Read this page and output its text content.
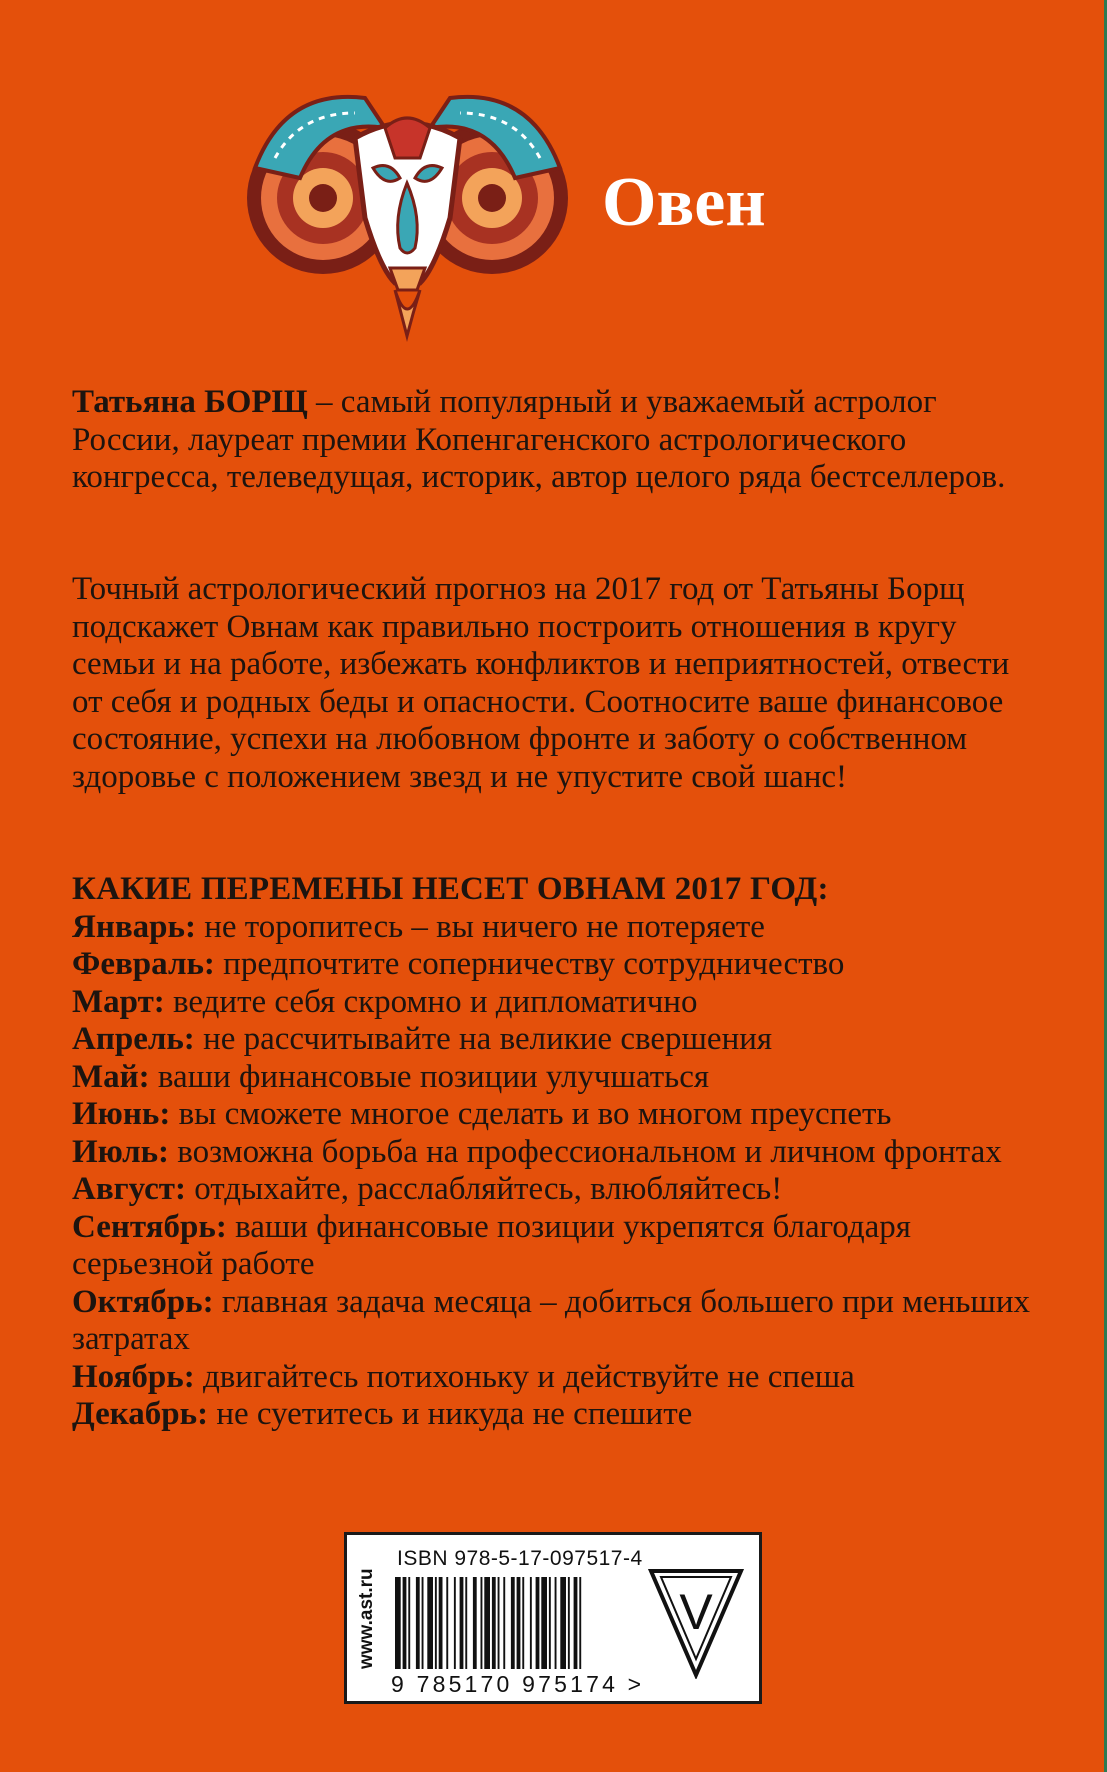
Овен

Татьяна БОРЩ – самый популярный и уважаемый астролог России, лауреат премии Копенгагенского астрологического конгресса, телеведущая, историк, автор целого ряда бестселлеров.

Точный астрологический прогноз на 2017 год от Татьяны Борщ подскажет Овнам как правильно построить отношения в кругу семьи и на работе, избежать конфликтов и неприятностей, отвести от себя и родных беды и опасности. Соотносите ваше финансовое состояние, успехи на любовном фронте и заботу о собственном здоровье с положением звезд и не упустите свой шанс!

КАКИЕ ПЕРЕМЕНЫ НЕСЕТ ОВНАМ 2017 ГОД:

Январь: не торопитесь – вы ничего не потеряете

Февраль: предпочтите соперничеству сотрудничество

Март: ведите себя скромно и дипломатично

Апрель: не рассчитывайте на великие свершения

Май: ваши финансовые позиции улучшаться

Июнь: вы сможете многое сделать и во многом преуспеть

Июль: возможна борьба на профессиональном и личном фронтах

Август: отдыхайте, расслабляйтесь, влюбляйтесь!

Сентябрь: ваши финансовые позиции укрепятся благодаря серьезной работе

Октябрь: главная задача месяца – добиться большего при меньших затратах

Ноябрь: двигайтесь потихоньку и действуйте не спеша

Декабрь: не суетитесь и никуда не спешите

www.ast.ru
ISBN 978-5-17-097517-4
9 785170 975174 >
V
